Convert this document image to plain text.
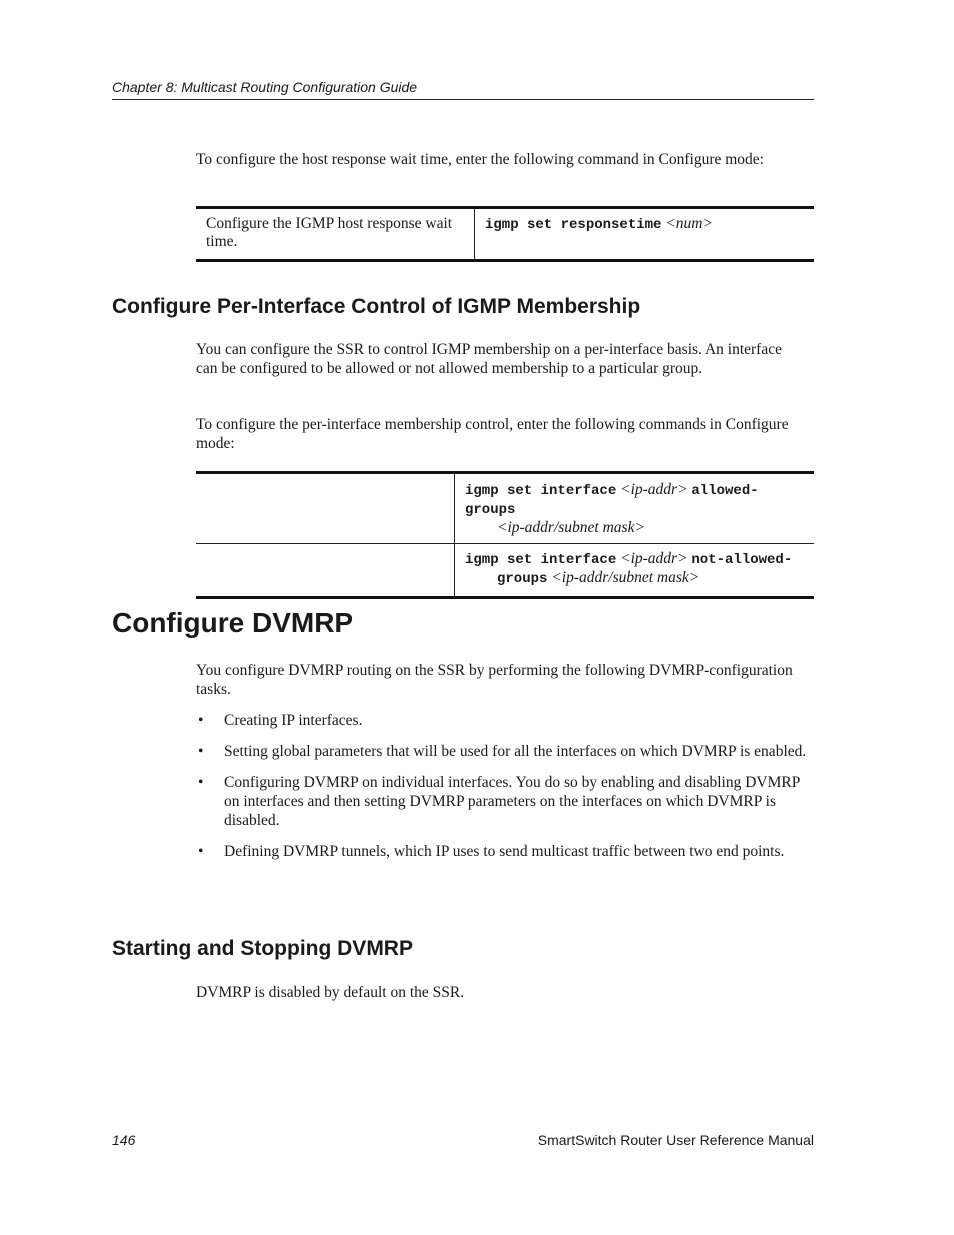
Chapter 8: Multicast Routing Configuration Guide

To configure the host response wait time, enter the following command in Configure mode:

Configure the IGMP host response wait time.	igmp set responsetime <num>
Configure Per-Interface Control of IGMP Membership

You can configure the SSR to control IGMP membership on a per-interface basis. An interface can be configured to be allowed or not allowed membership to a particular group.

To configure the per-interface membership control, enter the following commands in Configure mode:

	igmp set interface <ip-addr> allowed-groups
<ip-addr/subnet mask>
	igmp set interface <ip-addr> not-allowed-
groups <ip-addr/subnet mask>
Configure DVMRP

You configure DVMRP routing on the SSR by performing the following DVMRP-configuration tasks.

• Creating IP interfaces.
• Setting global parameters that will be used for all the interfaces on which DVMRP is enabled.
• Configuring DVMRP on individual interfaces. You do so by enabling and disabling DVMRP on interfaces and then setting DVMRP parameters on the interfaces on which DVMRP is disabled.
• Defining DVMRP tunnels, which IP uses to send multicast traffic between two end points.
Starting and Stopping DVMRP

DVMRP is disabled by default on the SSR.

146	SmartSwitch Router User Reference Manual
